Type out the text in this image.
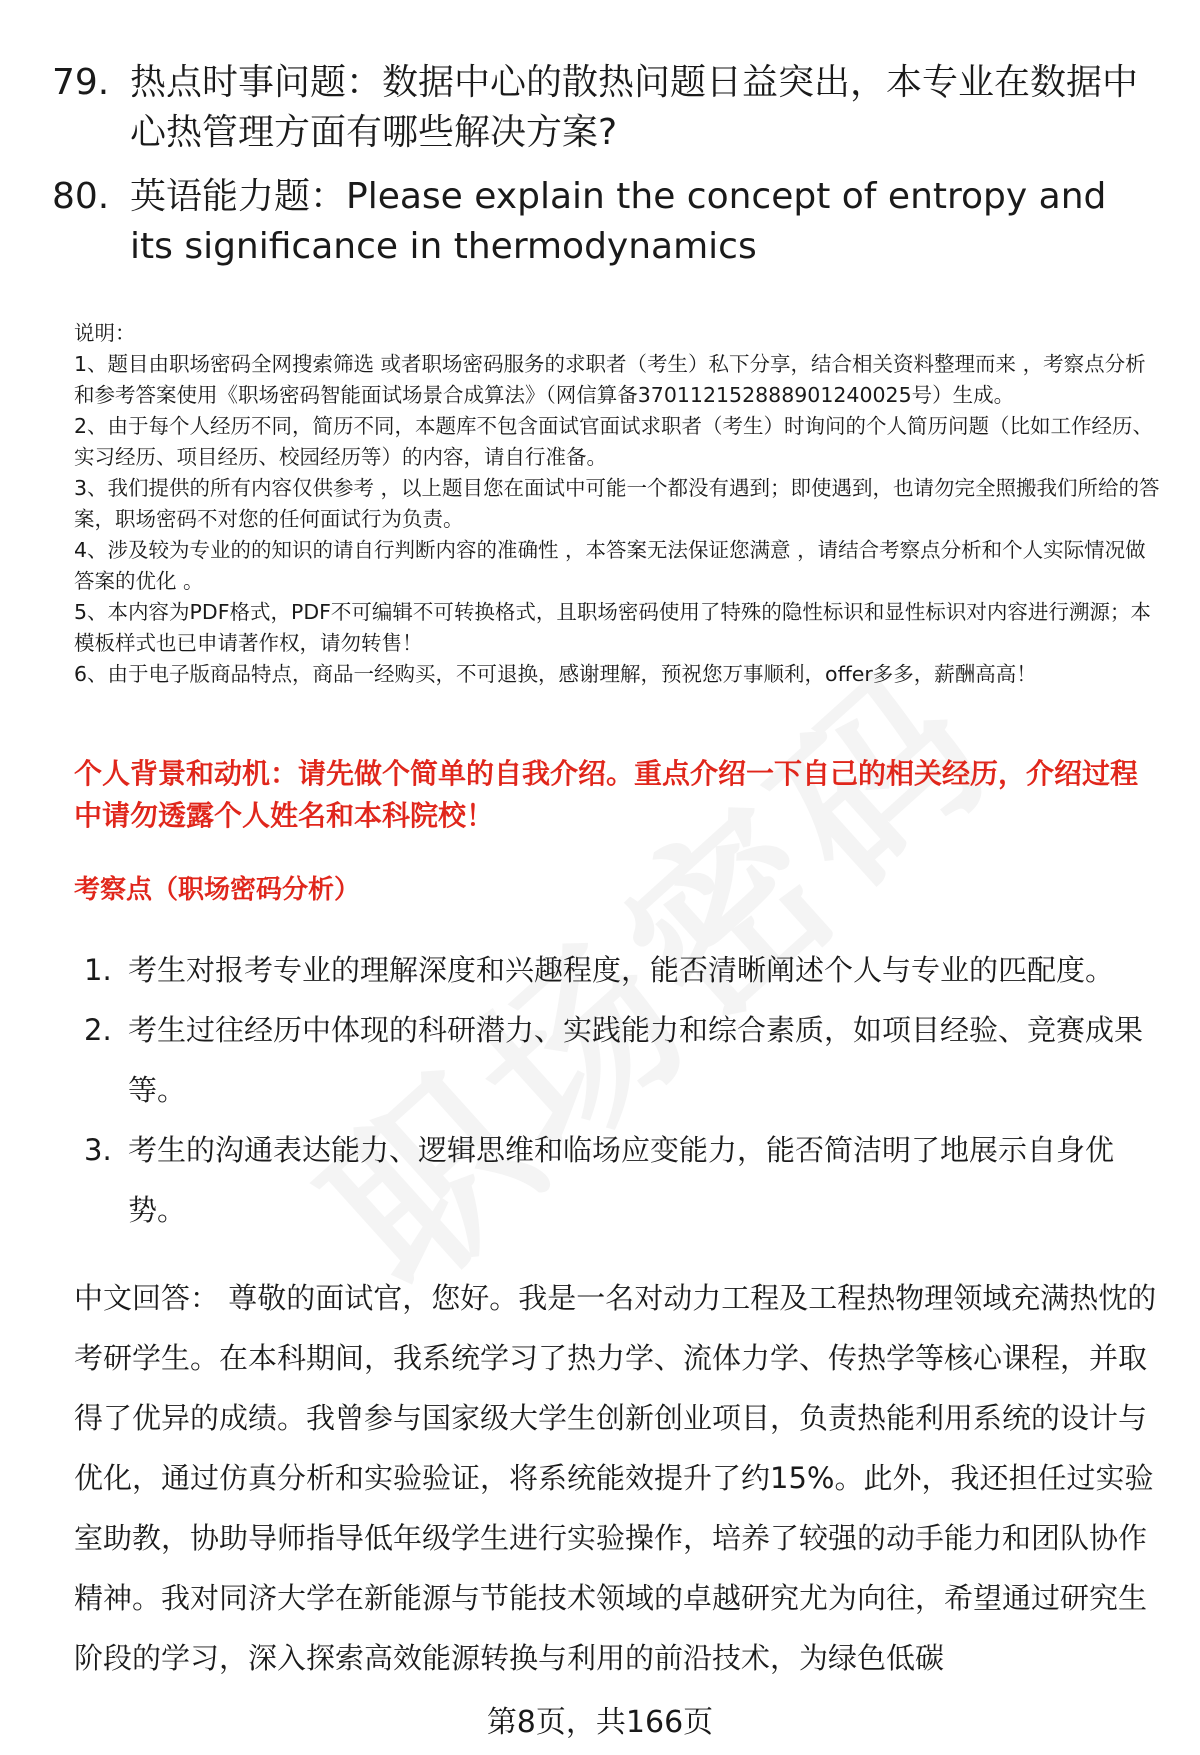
79. 热点时事问题：数据中心的散热问题日益突出，本专业在数据中心热管理方面有哪些解决方案?
80. 英语能力题：Please explain the concept of entropy and its significance in thermodynamics

说明：

1、题目由职场密码全网搜索筛选 或者职场密码服务的求职者（考生）私下分享，结合相关资料整理而来 ，考察点分析和参考答案使用《职场密码智能面试场景合成算法》（网信算备370112152888901240025号）生成。

2、由于每个人经历不同，简历不同，本题库不包含面试官面试求职者（考生）时询问的个人简历问题（比如工作经历、实习经历、项目经历、校园经历等）的内容，请自行准备。

3、我们提供的所有内容仅供参考 ，以上题目您在面试中可能一个都没有遇到；即使遇到，也请勿完全照搬我们所给的答案，职场密码不对您的任何面试行为负责。

4、涉及较为专业的的知识的请自行判断内容的准确性 ，本答案无法保证您满意 ，请结合考察点分析和个人实际情况做答案的优化 。

5、本内容为PDF格式，PDF不可编辑不可转换格式，且职场密码使用了特殊的隐性标识和显性标识对内容进行溯源；本模板样式也已申请著作权，请勿转售！

6、由于电子版商品特点，商品一经购买，不可退换，感谢理解，预祝您万事顺利，offer多多，薪酬高高！

个人背景和动机：请先做个简单的自我介绍。重点介绍一下自己的相关经历，介绍过程中请勿透露个人姓名和本科院校！
考察点（职场密码分析）
1. 考生对报考专业的理解深度和兴趣程度，能否清晰阐述个人与专业的匹配度。
2. 考生过往经历中体现的科研潜力、实践能力和综合素质，如项目经验、竞赛成果等。
3. 考生的沟通表达能力、逻辑思维和临场应变能力，能否简洁明了地展示自身优势。

中文回答： 尊敬的面试官，您好。我是一名对动力工程及工程热物理领域充满热忱的考研学生。在本科期间，我系统学习了热力学、流体力学、传热学等核心课程，并取得了优异的成绩。我曾参与国家级大学生创新创业项目，负责热能利用系统的设计与优化，通过仿真分析和实验验证，将系统能效提升了约15%。此外，我还担任过实验室助教，协助导师指导低年级学生进行实验操作，培养了较强的动手能力和团队协作精神。我对同济大学在新能源与节能技术领域的卓越研究尤为向往，希望通过研究生阶段的学习，深入探索高效能源转换与利用的前沿技术，为绿色低碳

第8页，共166页
